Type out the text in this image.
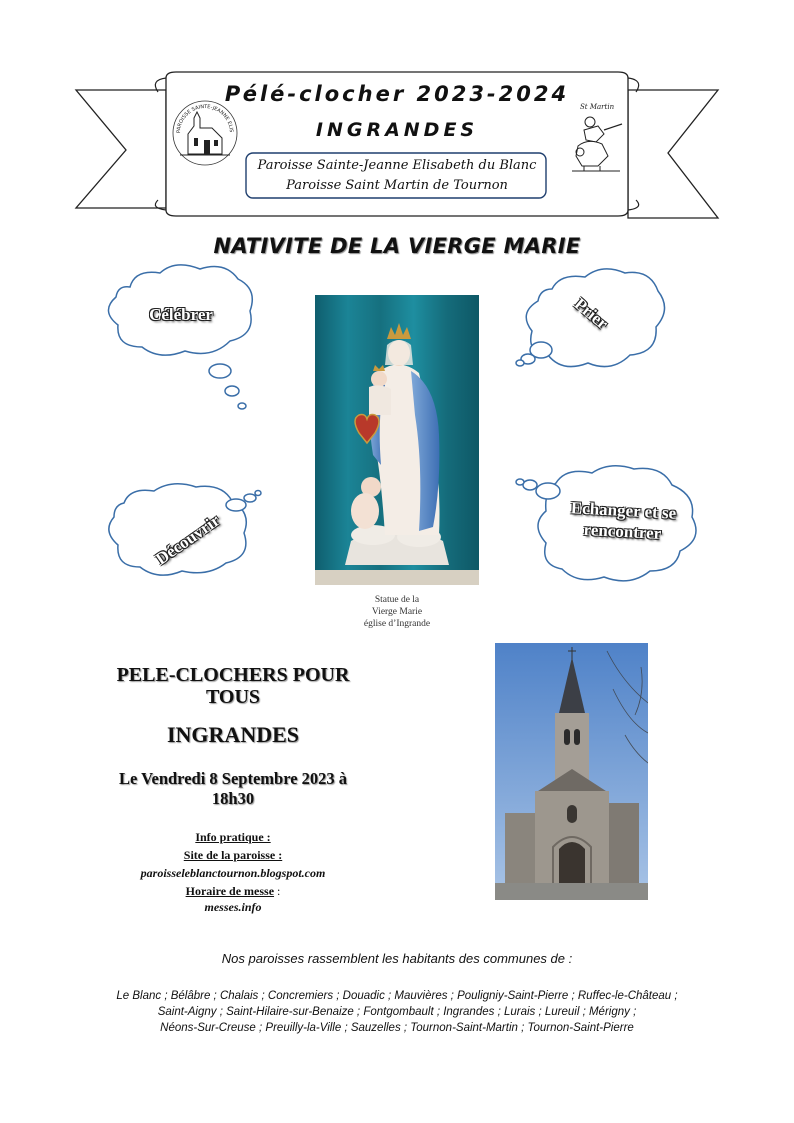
PAROISSE SAINTE-JEANNE ELIS
St Martin
Pélé-clocher 2023-2024
INGRANDES
Paroisse Sainte-Jeanne Elisabeth du Blanc
Paroisse Saint Martin de Tournon
NATIVITE DE LA VIERGE MARIE
Célébrer	Prier
Découvrir
Echanger et se
rencontrer
Statue de la
Vierge Marie
église d’Ingrande
PELE-CLOCHERS POUR
TOUS
INGRANDES
Le Vendredi 8 Septembre 2023 à
18h30
Info pratique :
Site de la paroisse :
paroisseleblanctournon.blogspot.com
Horaire de messe :
messes.info
Nos paroisses rassemblent les habitants des communes de :
Le Blanc ; Bélâbre ; Chalais ; Concremiers ; Douadic ; Mauvières ; Pouligniy-Saint-Pierre ; Ruffec-le-Château ;
Saint-Aigny ; Saint-Hilaire-sur-Benaize ; Fontgombault ; Ingrandes ; Lurais ; Lureuil ; Mérigny ;
Néons-Sur-Creuse ; Preuilly-la-Ville ; Sauzelles ; Tournon-Saint-Martin ; Tournon-Saint-Pierre
